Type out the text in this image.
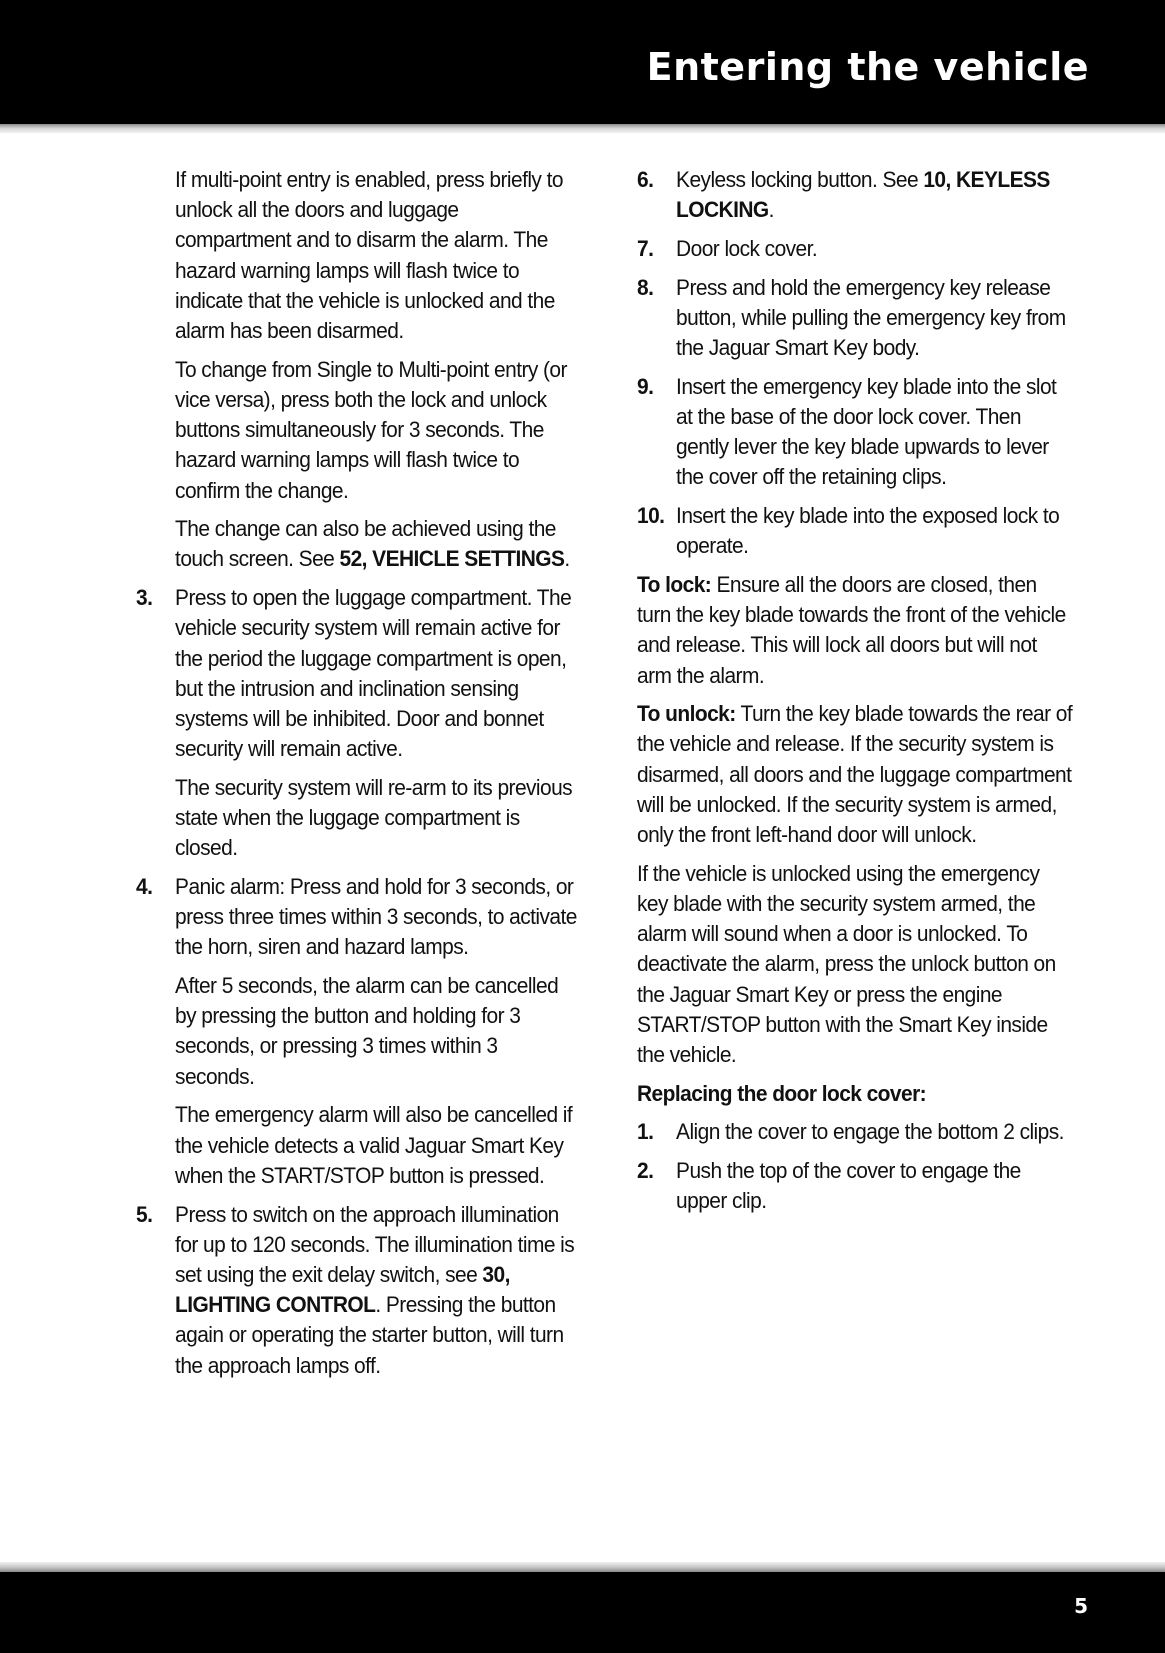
Entering the vehicle

If multi-point entry is enabled, press briefly to unlock all the doors and luggage compartment and to disarm the alarm. The hazard warning lamps will flash twice to indicate that the vehicle is unlocked and the alarm has been disarmed.

To change from Single to Multi-point entry (or vice versa), press both the lock and unlock buttons simultaneously for 3 seconds. The hazard warning lamps will flash twice to confirm the change.

The change can also be achieved using the touch screen. See 52, VEHICLE SETTINGS.

3. Press to open the luggage compartment. The vehicle security system will remain active for the period the luggage compartment is open, but the intrusion and inclination sensing systems will be inhibited. Door and bonnet security will remain active.

The security system will re-arm to its previous state when the luggage compartment is closed.

4. Panic alarm: Press and hold for 3 seconds, or press three times within 3 seconds, to activate the horn, siren and hazard lamps.

After 5 seconds, the alarm can be cancelled by pressing the button and holding for 3 seconds, or pressing 3 times within 3 seconds.

The emergency alarm will also be cancelled if the vehicle detects a valid Jaguar Smart Key when the START/STOP button is pressed.

5. Press to switch on the approach illumination for up to 120 seconds. The illumination time is set using the exit delay switch, see 30, LIGHTING CONTROL. Pressing the button again or operating the starter button, will turn the approach lamps off.
6. Keyless locking button. See 10, KEYLESS LOCKING.
7. Door lock cover.
8. Press and hold the emergency key release button, while pulling the emergency key from the Jaguar Smart Key body.
9. Insert the emergency key blade into the slot at the base of the door lock cover. Then gently lever the key blade upwards to lever the cover off the retaining clips.
10. Insert the key blade into the exposed lock to operate.

To lock: Ensure all the doors are closed, then turn the key blade towards the front of the vehicle and release. This will lock all doors but will not arm the alarm.

To unlock: Turn the key blade towards the rear of the vehicle and release. If the security system is disarmed, all doors and the luggage compartment will be unlocked. If the security system is armed, only the front left-hand door will unlock.

If the vehicle is unlocked using the emergency key blade with the security system armed, the alarm will sound when a door is unlocked. To deactivate the alarm, press the unlock button on the Jaguar Smart Key or press the engine START/STOP button with the Smart Key inside the vehicle.

Replacing the door lock cover:
1. Align the cover to engage the bottom 2 clips.
2. Push the top of the cover to engage the upper clip.
5
